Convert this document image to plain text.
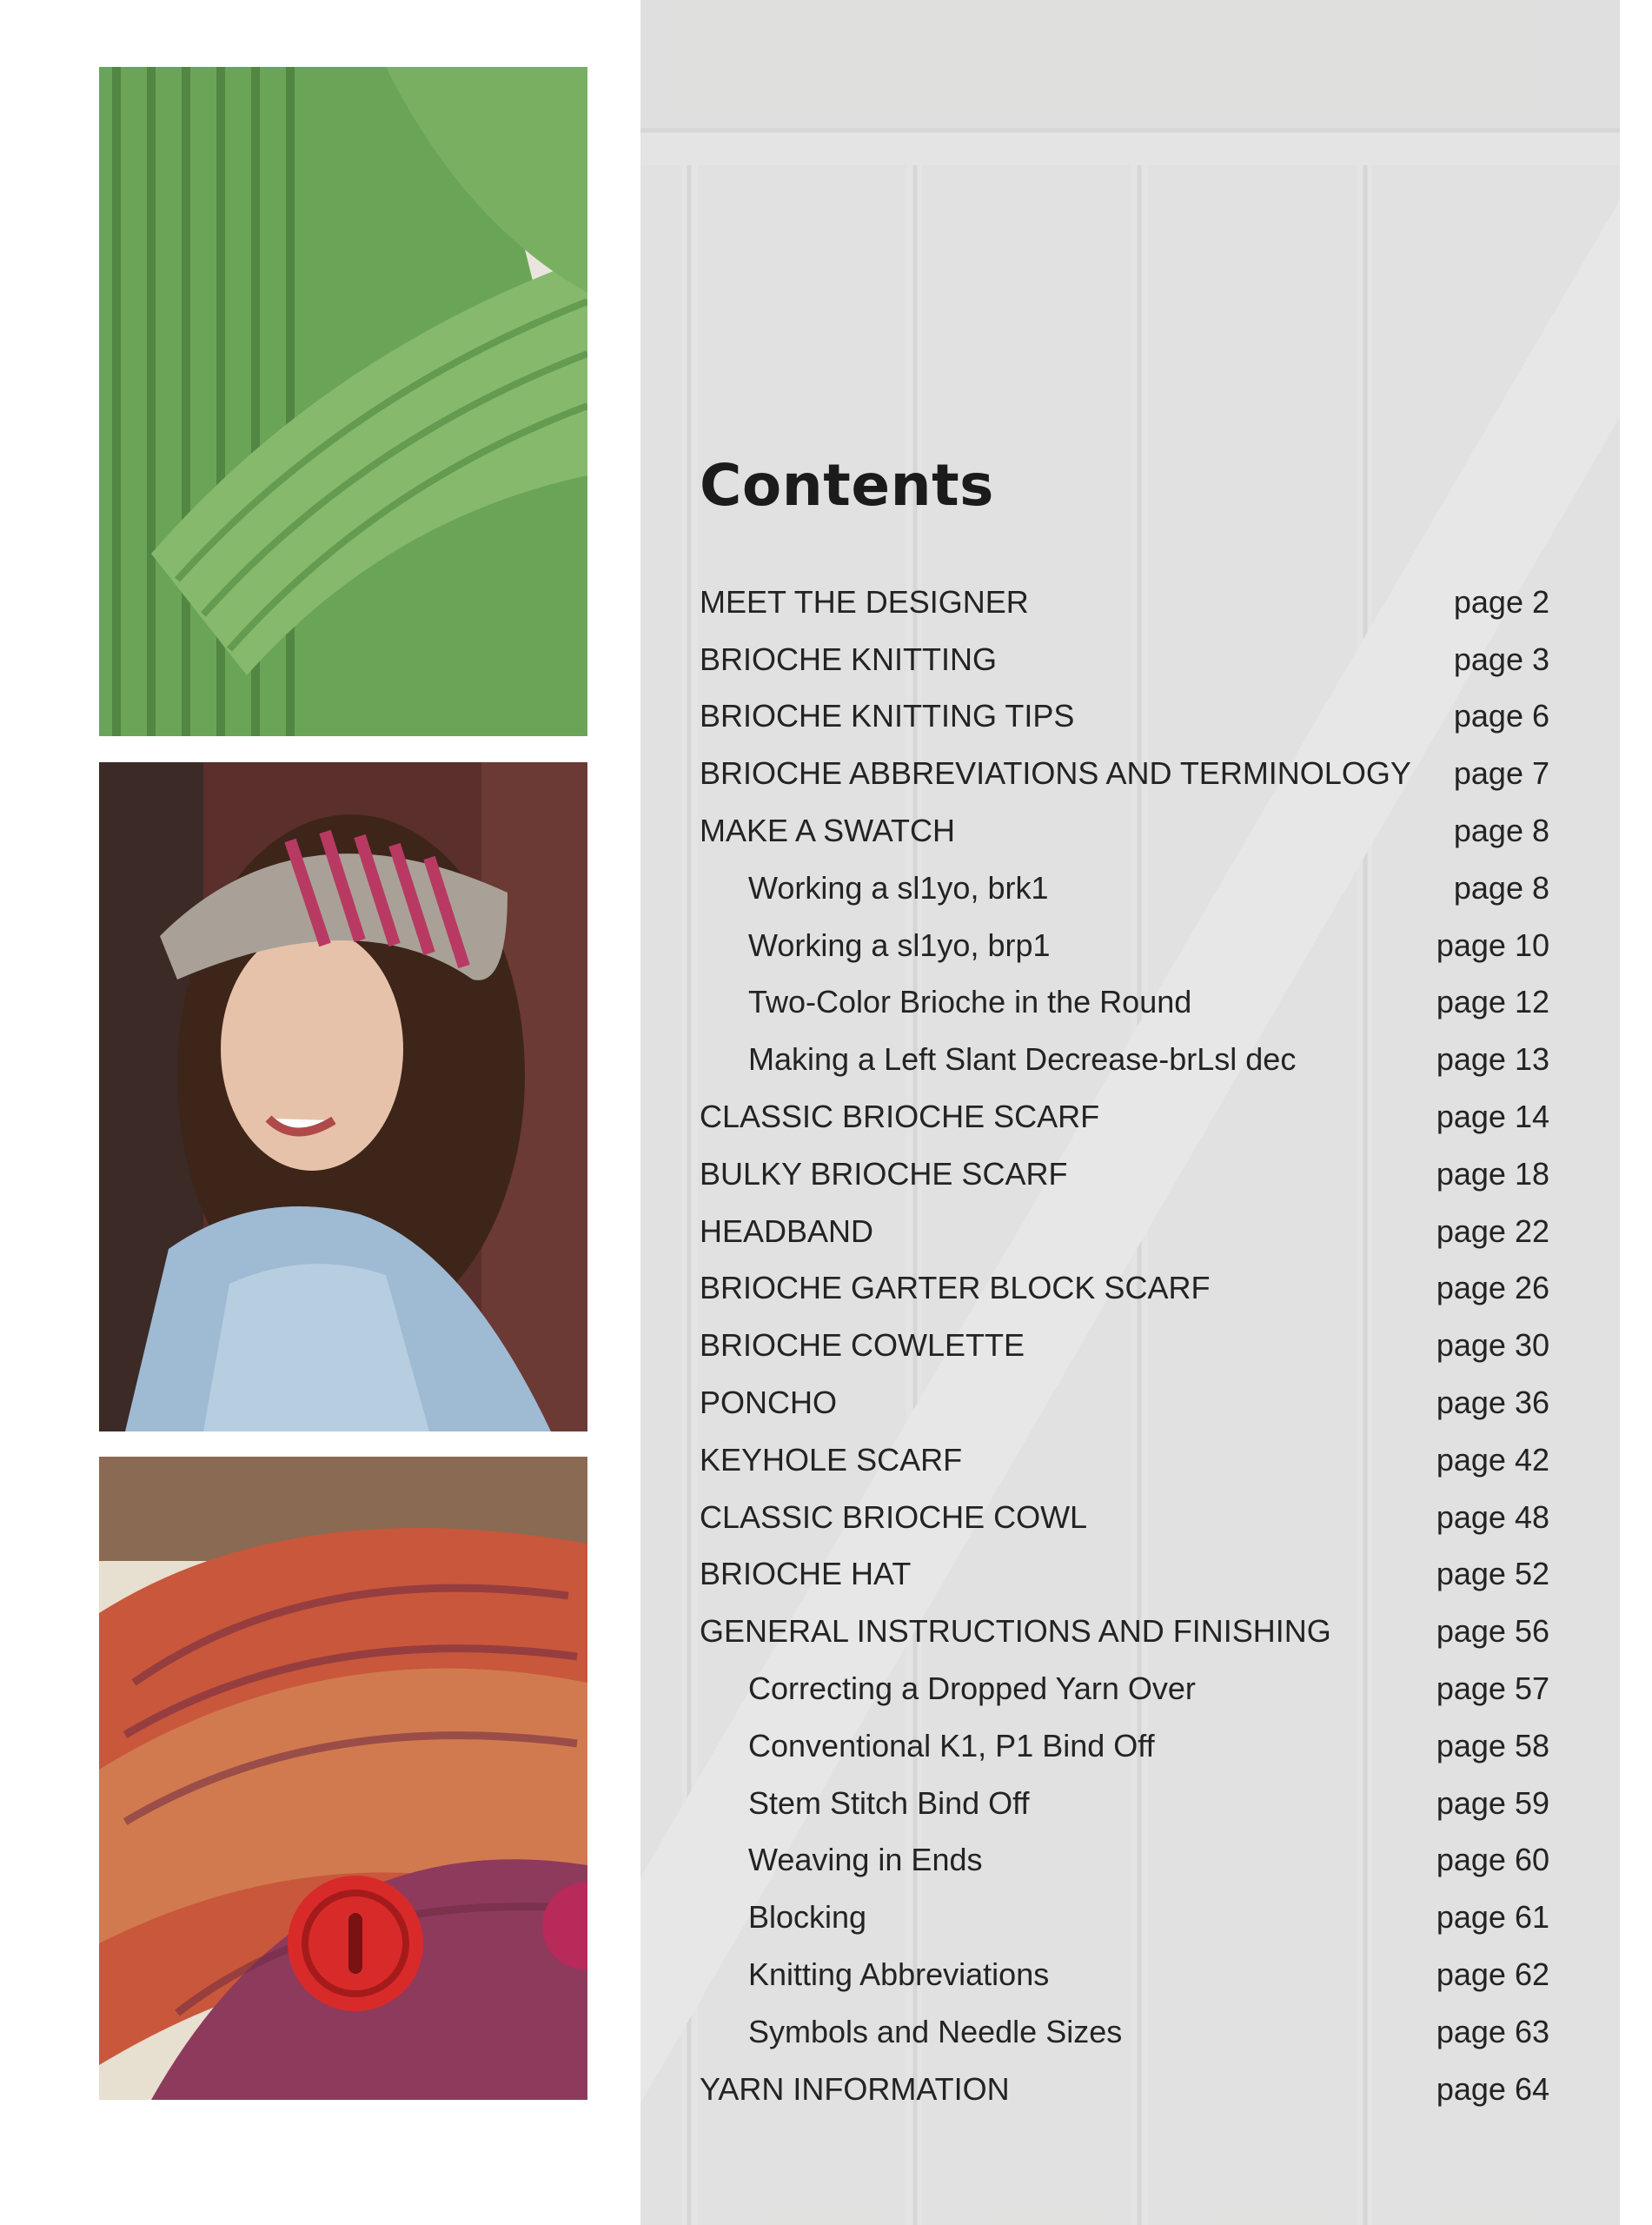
Contents
MEET THE DESIGNER	page 2
BRIOCHE KNITTING	page 3
BRIOCHE KNITTING TIPS	page 6
BRIOCHE ABBREVIATIONS AND TERMINOLOGY page 7
MAKE A SWATCH	page 8
Working a sl1yo, brk1	page 8
Working a sl1yo, brp1	page 10
Two-Color Brioche in the Round	page 12
Making a Left Slant Decrease-brLsl dec	page 13
CLASSIC BRIOCHE SCARF	page 14
BULKY BRIOCHE SCARF	page 18
HEADBAND	page 22
BRIOCHE GARTER BLOCK SCARF	page 26
BRIOCHE COWLETTE	page 30
PONCHO	page 36
KEYHOLE SCARF	page 42
CLASSIC BRIOCHE COWL	page 48
BRIOCHE HAT	page 52
GENERAL INSTRUCTIONS AND FINISHING	page 56
Correcting a Dropped Yarn Over	page 57
Conventional K1, P1 Bind Off	page 58
Stem Stitch Bind Off	page 59
Weaving in Ends	page 60
Blocking	page 61
Knitting Abbreviations	page 62
Symbols and Needle Sizes	page 63
YARN INFORMATION	page 64
